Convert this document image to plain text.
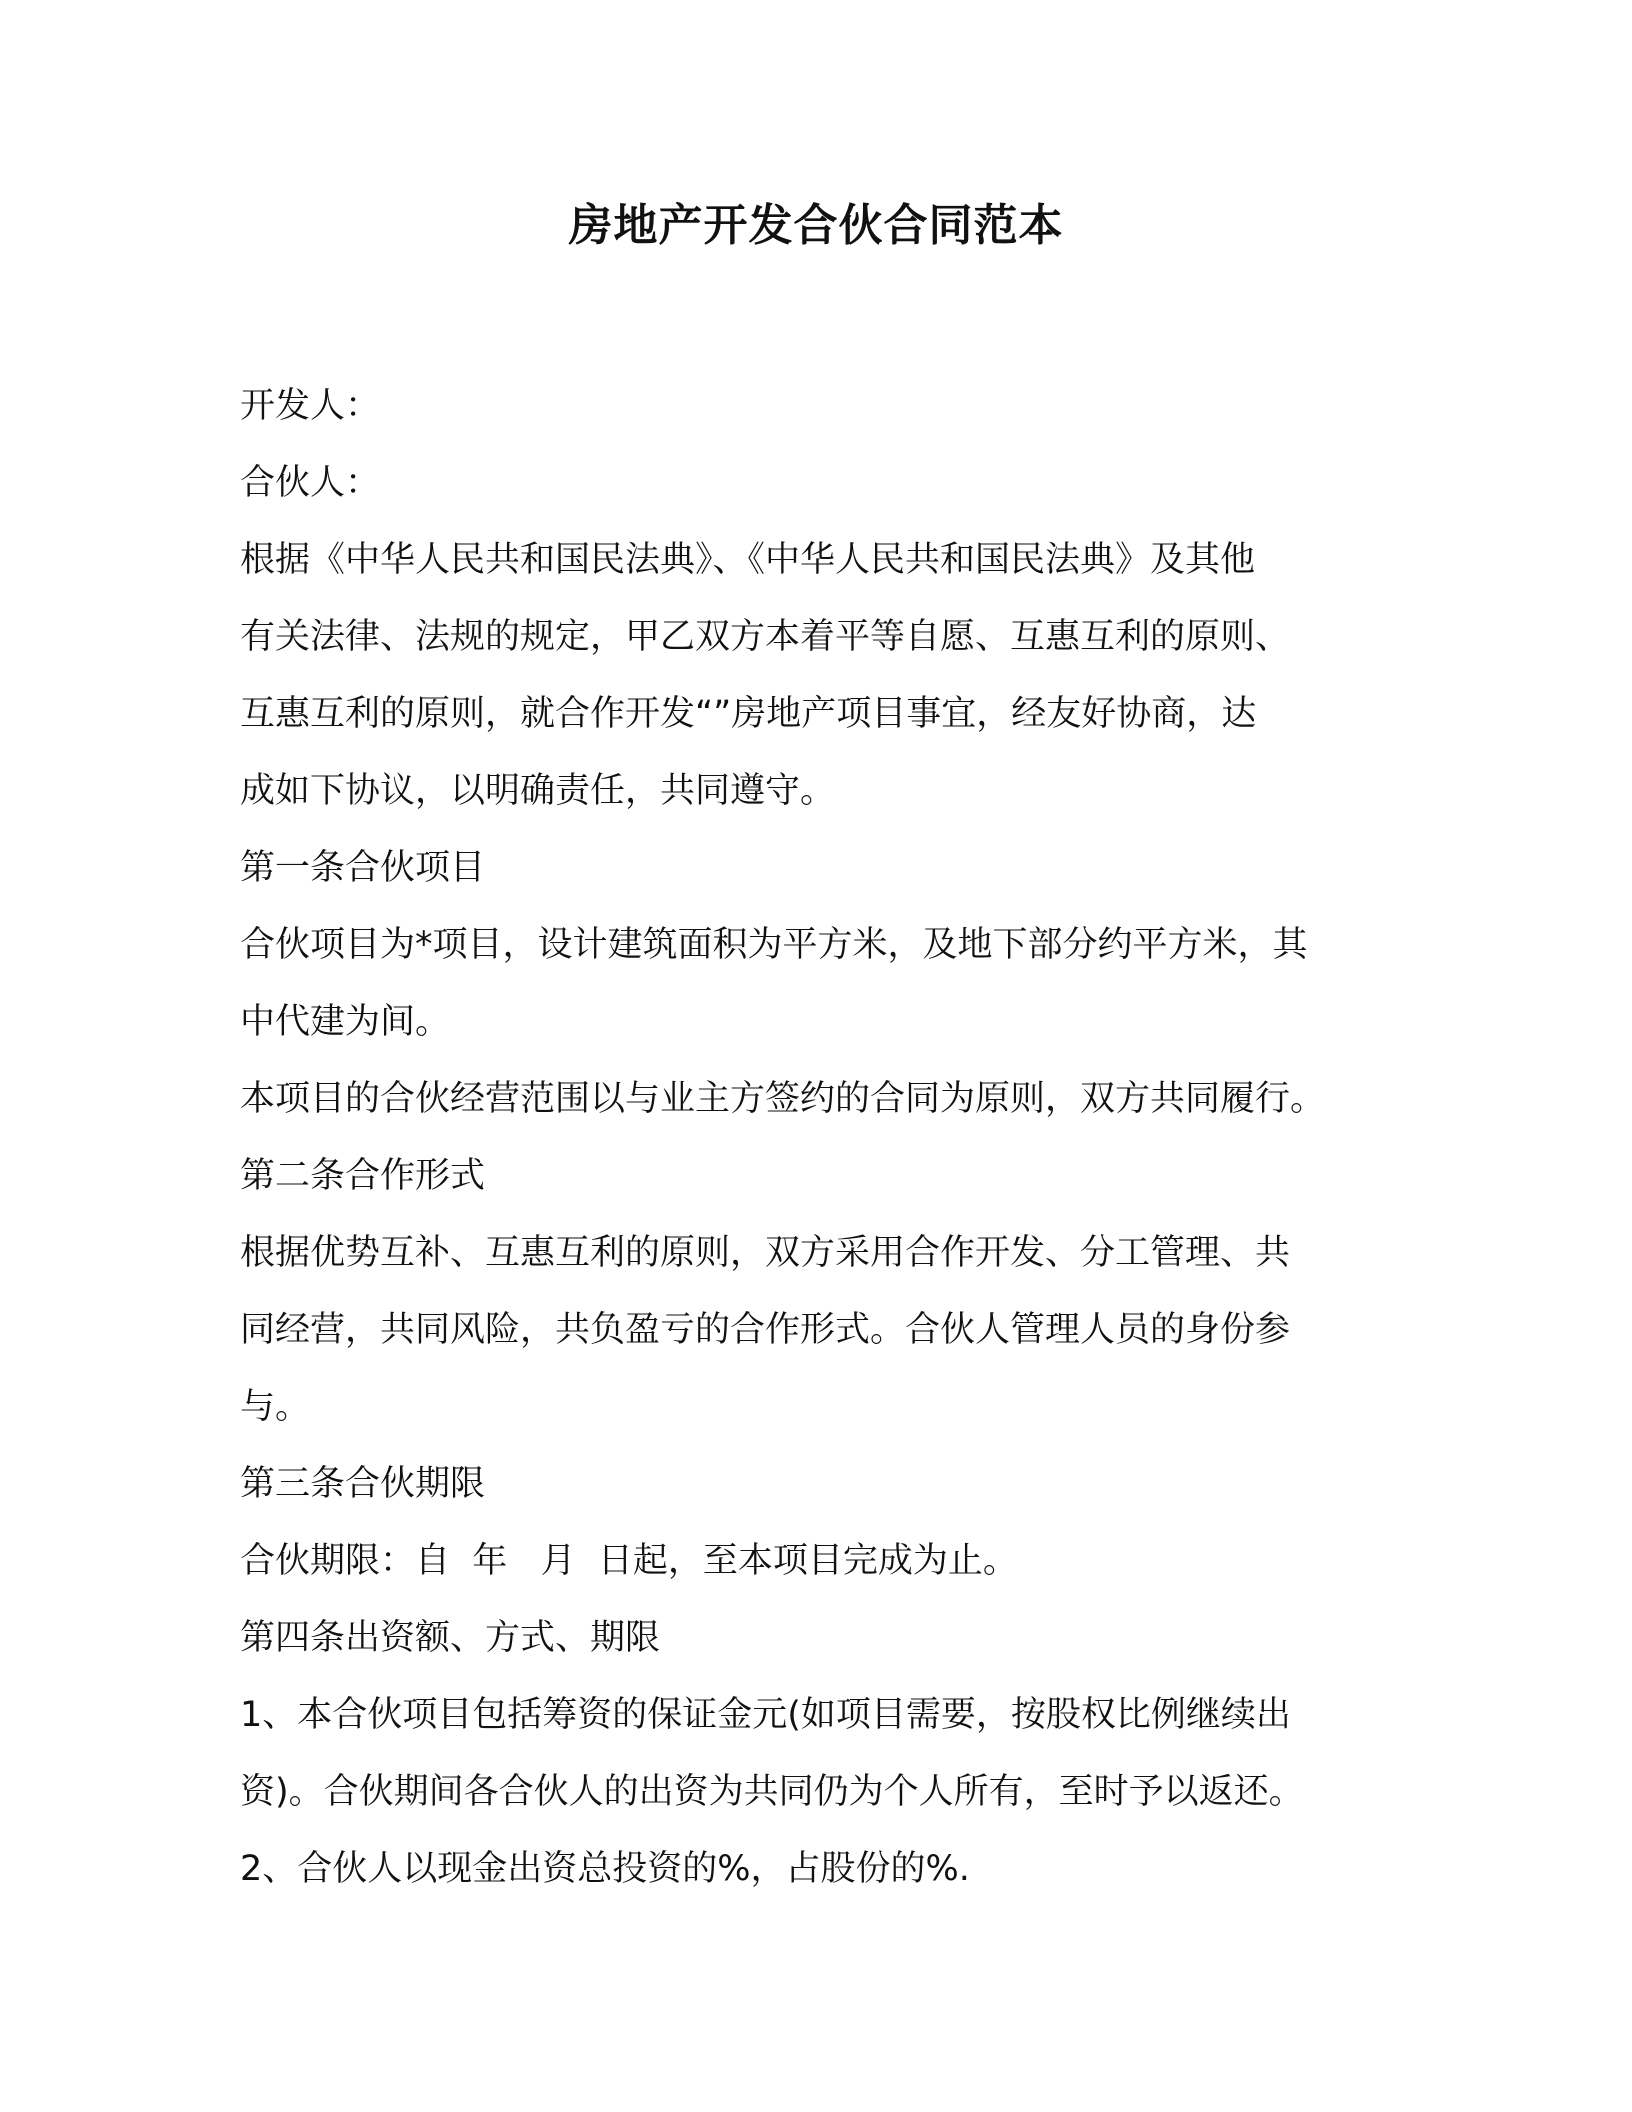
房地产开发合伙合同范本

开发人：

合伙人：

根据《中华人民共和国民法典》、《中华人民共和国民法典》及其他

有关法律、法规的规定，甲乙双方本着平等自愿、互惠互利的原则、

互惠互利的原则，就合作开发“”房地产项目事宜，经友好协商，达

成如下协议，以明确责任，共同遵守。

第一条合伙项目

合伙项目为*项目，设计建筑面积为平方米，及地下部分约平方米，其

中代建为间。

本项目的合伙经营范围以与业主方签约的合同为原则，双方共同履行。

第二条合作形式

根据优势互补、互惠互利的原则，双方采用合作开发、分工管理、共

同经营，共同风险，共负盈亏的合作形式。合伙人管理人员的身份参

与。

第三条合伙期限

合伙期限：自  年   月  日起，至本项目完成为止。

第四条出资额、方式、期限

1、本合伙项目包括筹资的保证金元(如项目需要，按股权比例继续出

资)。合伙期间各合伙人的出资为共同仍为个人所有，至时予以返还。

2、合伙人以现金出资总投资的%，占股份的%.
